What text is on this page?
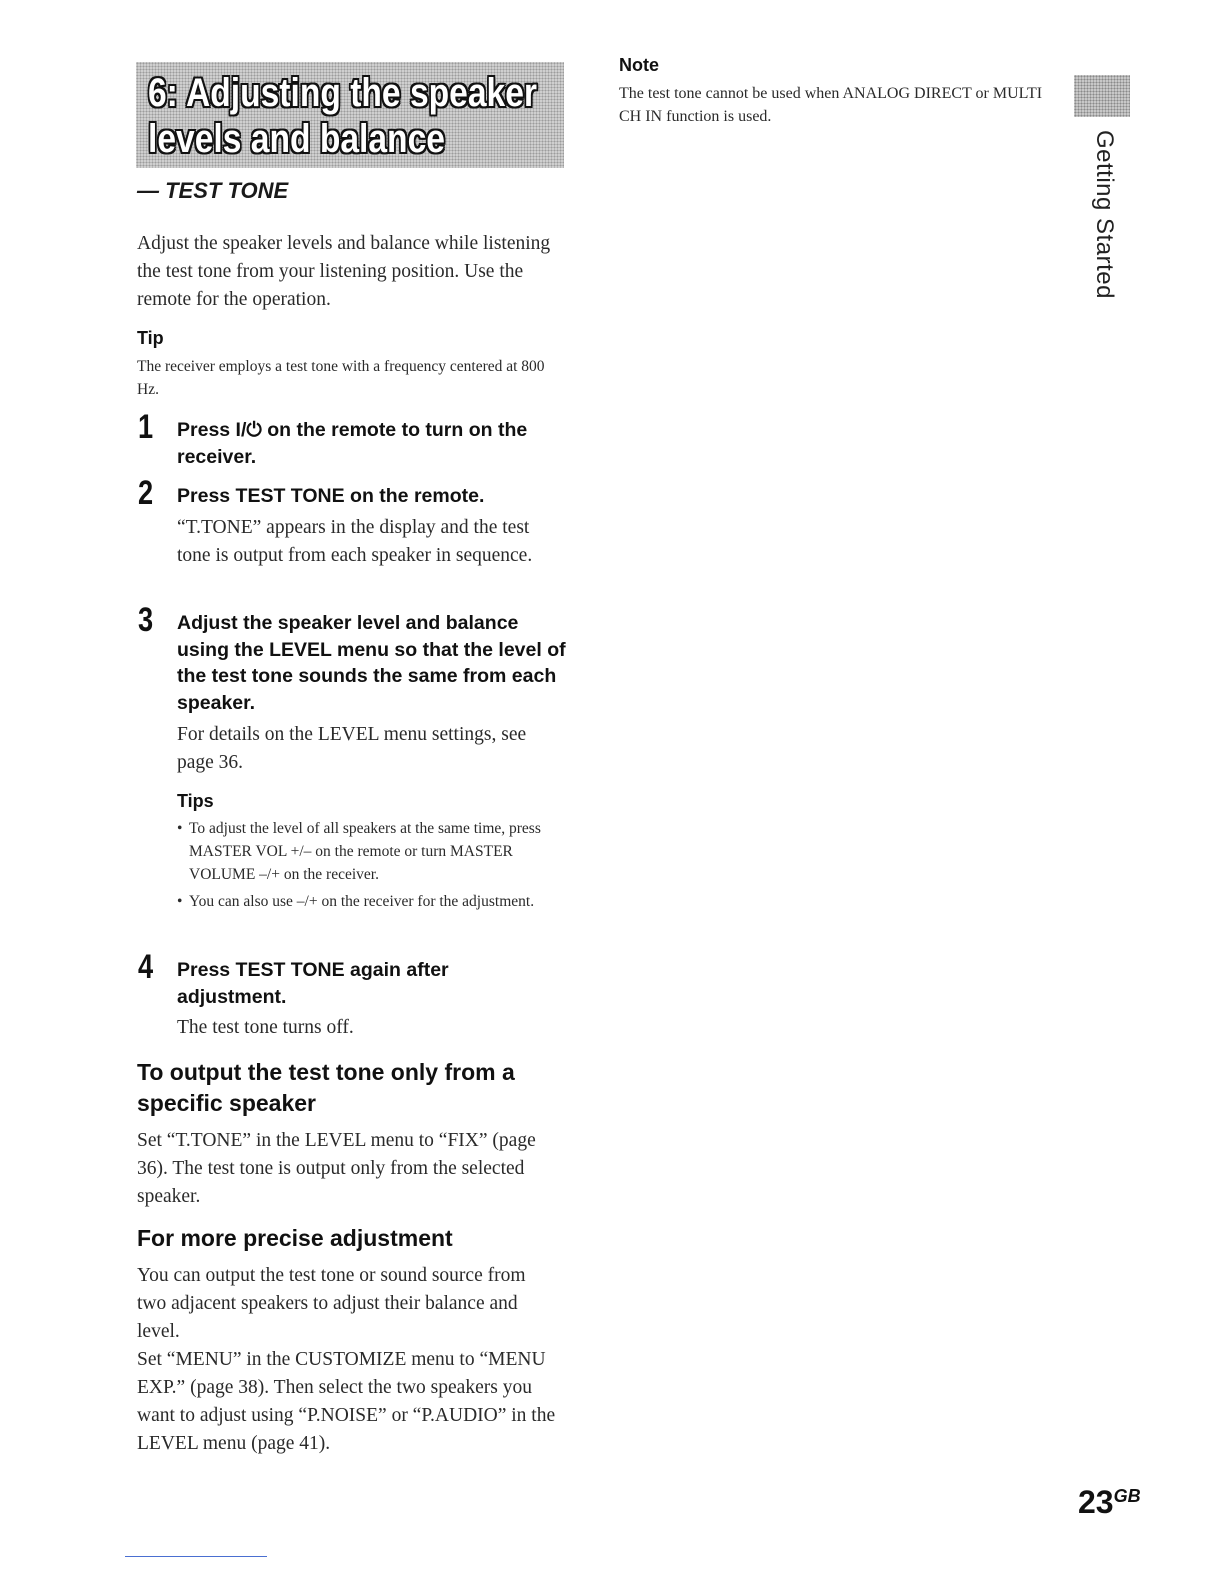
6: Adjusting the speaker
levels and balance
— TEST TONE

Adjust the speaker levels and balance while listening the test tone from your listening position. Use the remote for the operation.

Tip

The receiver employs a test tone with a frequency centered at 800 Hz.

1 Press I/⏻ on the remote to turn on the receiver.
2 Press TEST TONE on the remote.

“T.TONE” appears in the display and the test tone is output from each speaker in sequence.

3 Adjust the speaker level and balance using the LEVEL menu so that the level of the test tone sounds the same from each speaker.

For details on the LEVEL menu settings, see page 36.

Tips
• To adjust the level of all speakers at the same time, press MASTER VOL +/– on the remote or turn MASTER VOLUME –/+ on the receiver.
• You can also use –/+ on the receiver for the adjustment.
4 Press TEST TONE again after adjustment.

The test tone turns off.

To output the test tone only from a specific speaker

Set “T.TONE” in the LEVEL menu to “FIX” (page 36). The test tone is output only from the selected speaker.

For more precise adjustment

You can output the test tone or sound source from two adjacent speakers to adjust their balance and level.

Set “MENU” in the CUSTOMIZE menu to “MENU EXP.” (page 38). Then select the two speakers you want to adjust using “P.NOISE” or “P.AUDIO” in the LEVEL menu (page 41).

Note

The test tone cannot be used when ANALOG DIRECT or MULTI CH IN function is used.

Getting Started
$23^{GB}$
